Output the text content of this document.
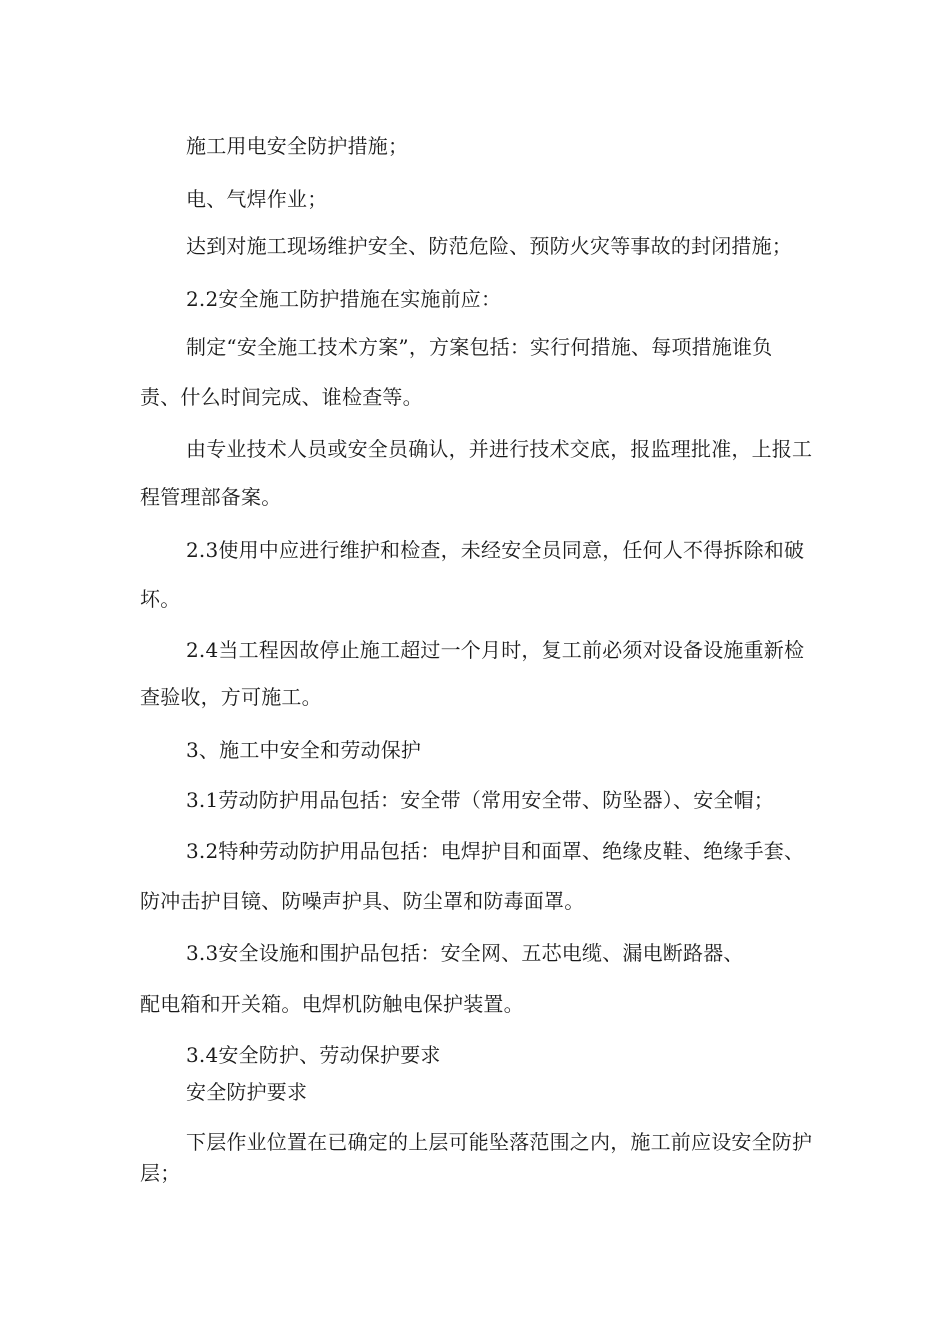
施工用电安全防护措施；
电、气焊作业；
达到对施工现场维护安全、防范危险、预防火灾等事故的封闭措施；
2.2安全施工防护措施在实施前应：
制定“安全施工技术方案”，方案包括：实行何措施、每项措施谁负
责、什么时间完成、谁检查等。
由专业技术人员或安全员确认，并进行技术交底，报监理批准，上报工
程管理部备案。
2.3使用中应进行维护和检查，未经安全员同意，任何人不得拆除和破
坏。
2.4当工程因故停止施工超过一个月时，复工前必须对设备设施重新检
查验收，方可施工。
3、施工中安全和劳动保护
3.1劳动防护用品包括：安全带（常用安全带、防坠器）、安全帽；
3.2特种劳动防护用品包括：电焊护目和面罩、绝缘皮鞋、绝缘手套、
防冲击护目镜、防噪声护具、防尘罩和防毒面罩。
3.3安全设施和围护品包括：安全网、五芯电缆、漏电断路器、
配电箱和开关箱。电焊机防触电保护装置。
3.4安全防护、劳动保护要求
安全防护要求
下层作业位置在已确定的上层可能坠落范围之内，施工前应设安全防护
层；
